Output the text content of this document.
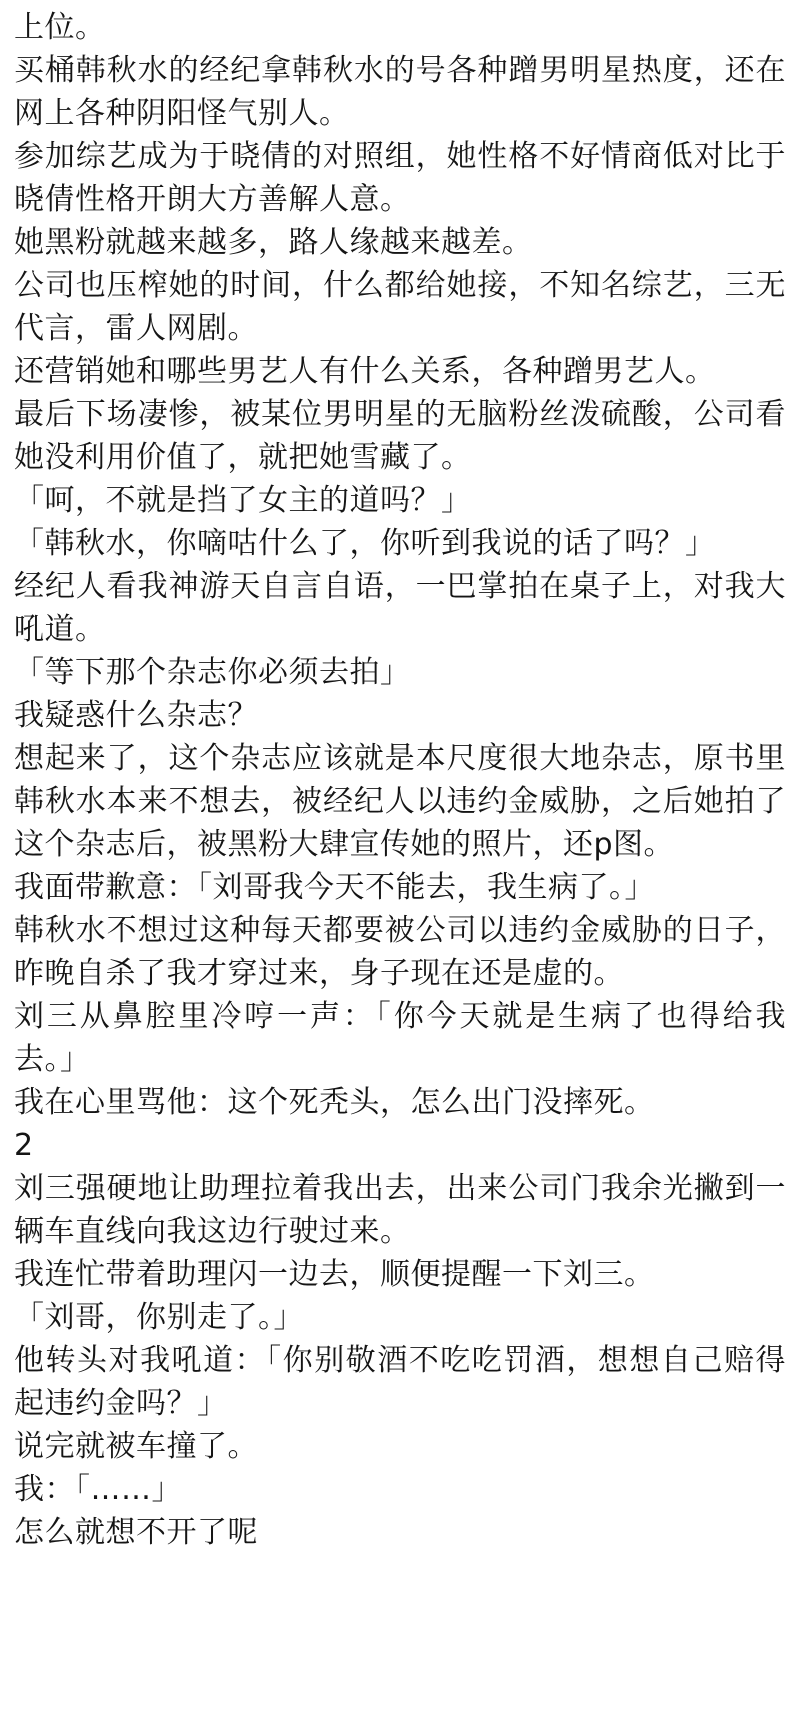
上位。
买桶韩秋水的经纪拿韩秋水的号各种蹭男明星热度，还在网上各种阴阳怪气别人。
参加综艺成为于晓倩的对照组，她性格不好情商低对比于晓倩性格开朗大方善解人意。
她黑粉就越来越多，路人缘越来越差。
公司也压榨她的时间，什么都给她接，不知名综艺，三无代言，雷人网剧。
还营销她和哪些男艺人有什么关系，各种蹭男艺人。
最后下场凄惨，被某位男明星的无脑粉丝泼硫酸，公司看她没利用价值了，就把她雪藏了。
「呵，不就是挡了女主的道吗？」
「韩秋水，你嘀咕什么了，你听到我说的话了吗？」
经纪人看我神游天自言自语，一巴掌拍在桌子上，对我大吼道。
「等下那个杂志你必须去拍」
我疑惑什么杂志？
想起来了，这个杂志应该就是本尺度很大地杂志，原书里韩秋水本来不想去，被经纪人以违约金威胁，之后她拍了这个杂志后，被黑粉大肆宣传她的照片，还p图。
我面带歉意：「刘哥我今天不能去，我生病了。」
韩秋水不想过这种每天都要被公司以违约金威胁的日子，昨晚自杀了我才穿过来，身子现在还是虚的。
刘三从鼻腔里冷哼一声：「你今天就是生病了也得给我去。」
我在心里骂他：这个死秃头，怎么出门没摔死。
2
刘三强硬地让助理拉着我出去，出来公司门我余光撇到一辆车直线向我这边行驶过来。
我连忙带着助理闪一边去，顺便提醒一下刘三。
「刘哥，你别走了。」
他转头对我吼道：「你别敬酒不吃吃罚酒，想想自己赔得起违约金吗？」
说完就被车撞了。
我：「……」
怎么就想不开了呢
